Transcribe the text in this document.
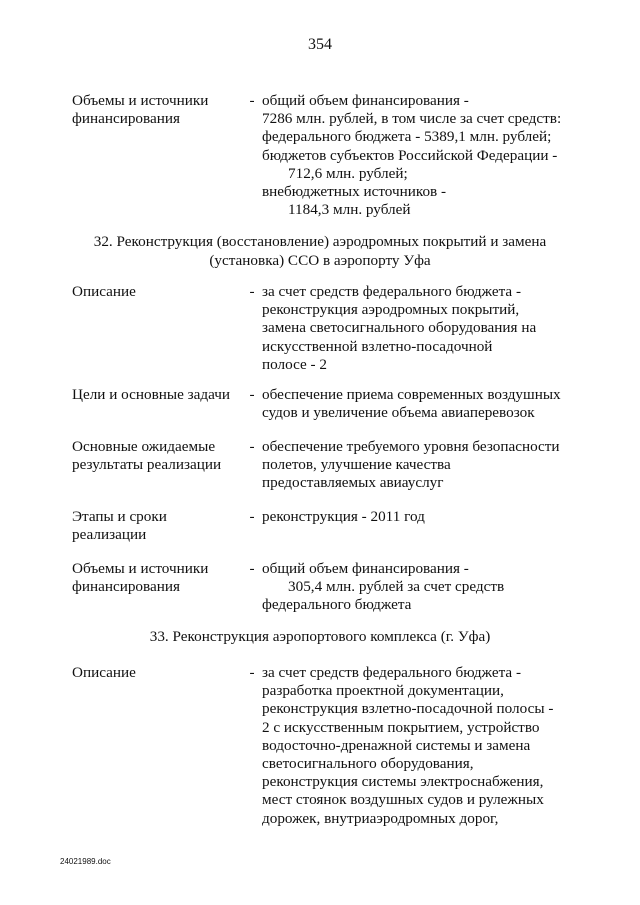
354
Объемы и источники
финансирования
- общий объем финансирования -
7286 млн. рублей, в том числе за счет средств:
федерального бюджета - 5389,1 млн. рублей;
бюджетов субъектов Российской Федерации -
712,6 млн. рублей;
внебюджетных источников -
1184,3 млн. рублей
32. Реконструкция (восстановление) аэродромных покрытий и замена
(установка) ССО в аэропорту Уфа
Описание	- за счет средств федерального бюджета -
реконструкция аэродромных покрытий,
замена светосигнального оборудования на
искусственной взлетно-посадочной
полосе - 2
Цели и основные задачи	- обеспечение приема современных воздушных
судов и увеличение объема авиаперевозок
Основные ожидаемые
результаты реализации
- обеспечение требуемого уровня безопасности
полетов, улучшение качества
предоставляемых авиауслуг
Этапы и сроки
реализации
- реконструкция - 2011 год
Объемы и источники
финансирования
- общий объем финансирования -
305,4 млн. рублей за счет средств
федерального бюджета
33. Реконструкция аэропортового комплекса (г. Уфа)
Описание	- за счет средств федерального бюджета -
разработка проектной документации,
реконструкция взлетно-посадочной полосы -
2 с искусственным покрытием, устройство
водосточно-дренажной системы и замена
светосигнального оборудования,
реконструкция системы электроснабжения,
мест стоянок воздушных судов и рулежных
дорожек, внутриаэродромных дорог,
24021989.doc
